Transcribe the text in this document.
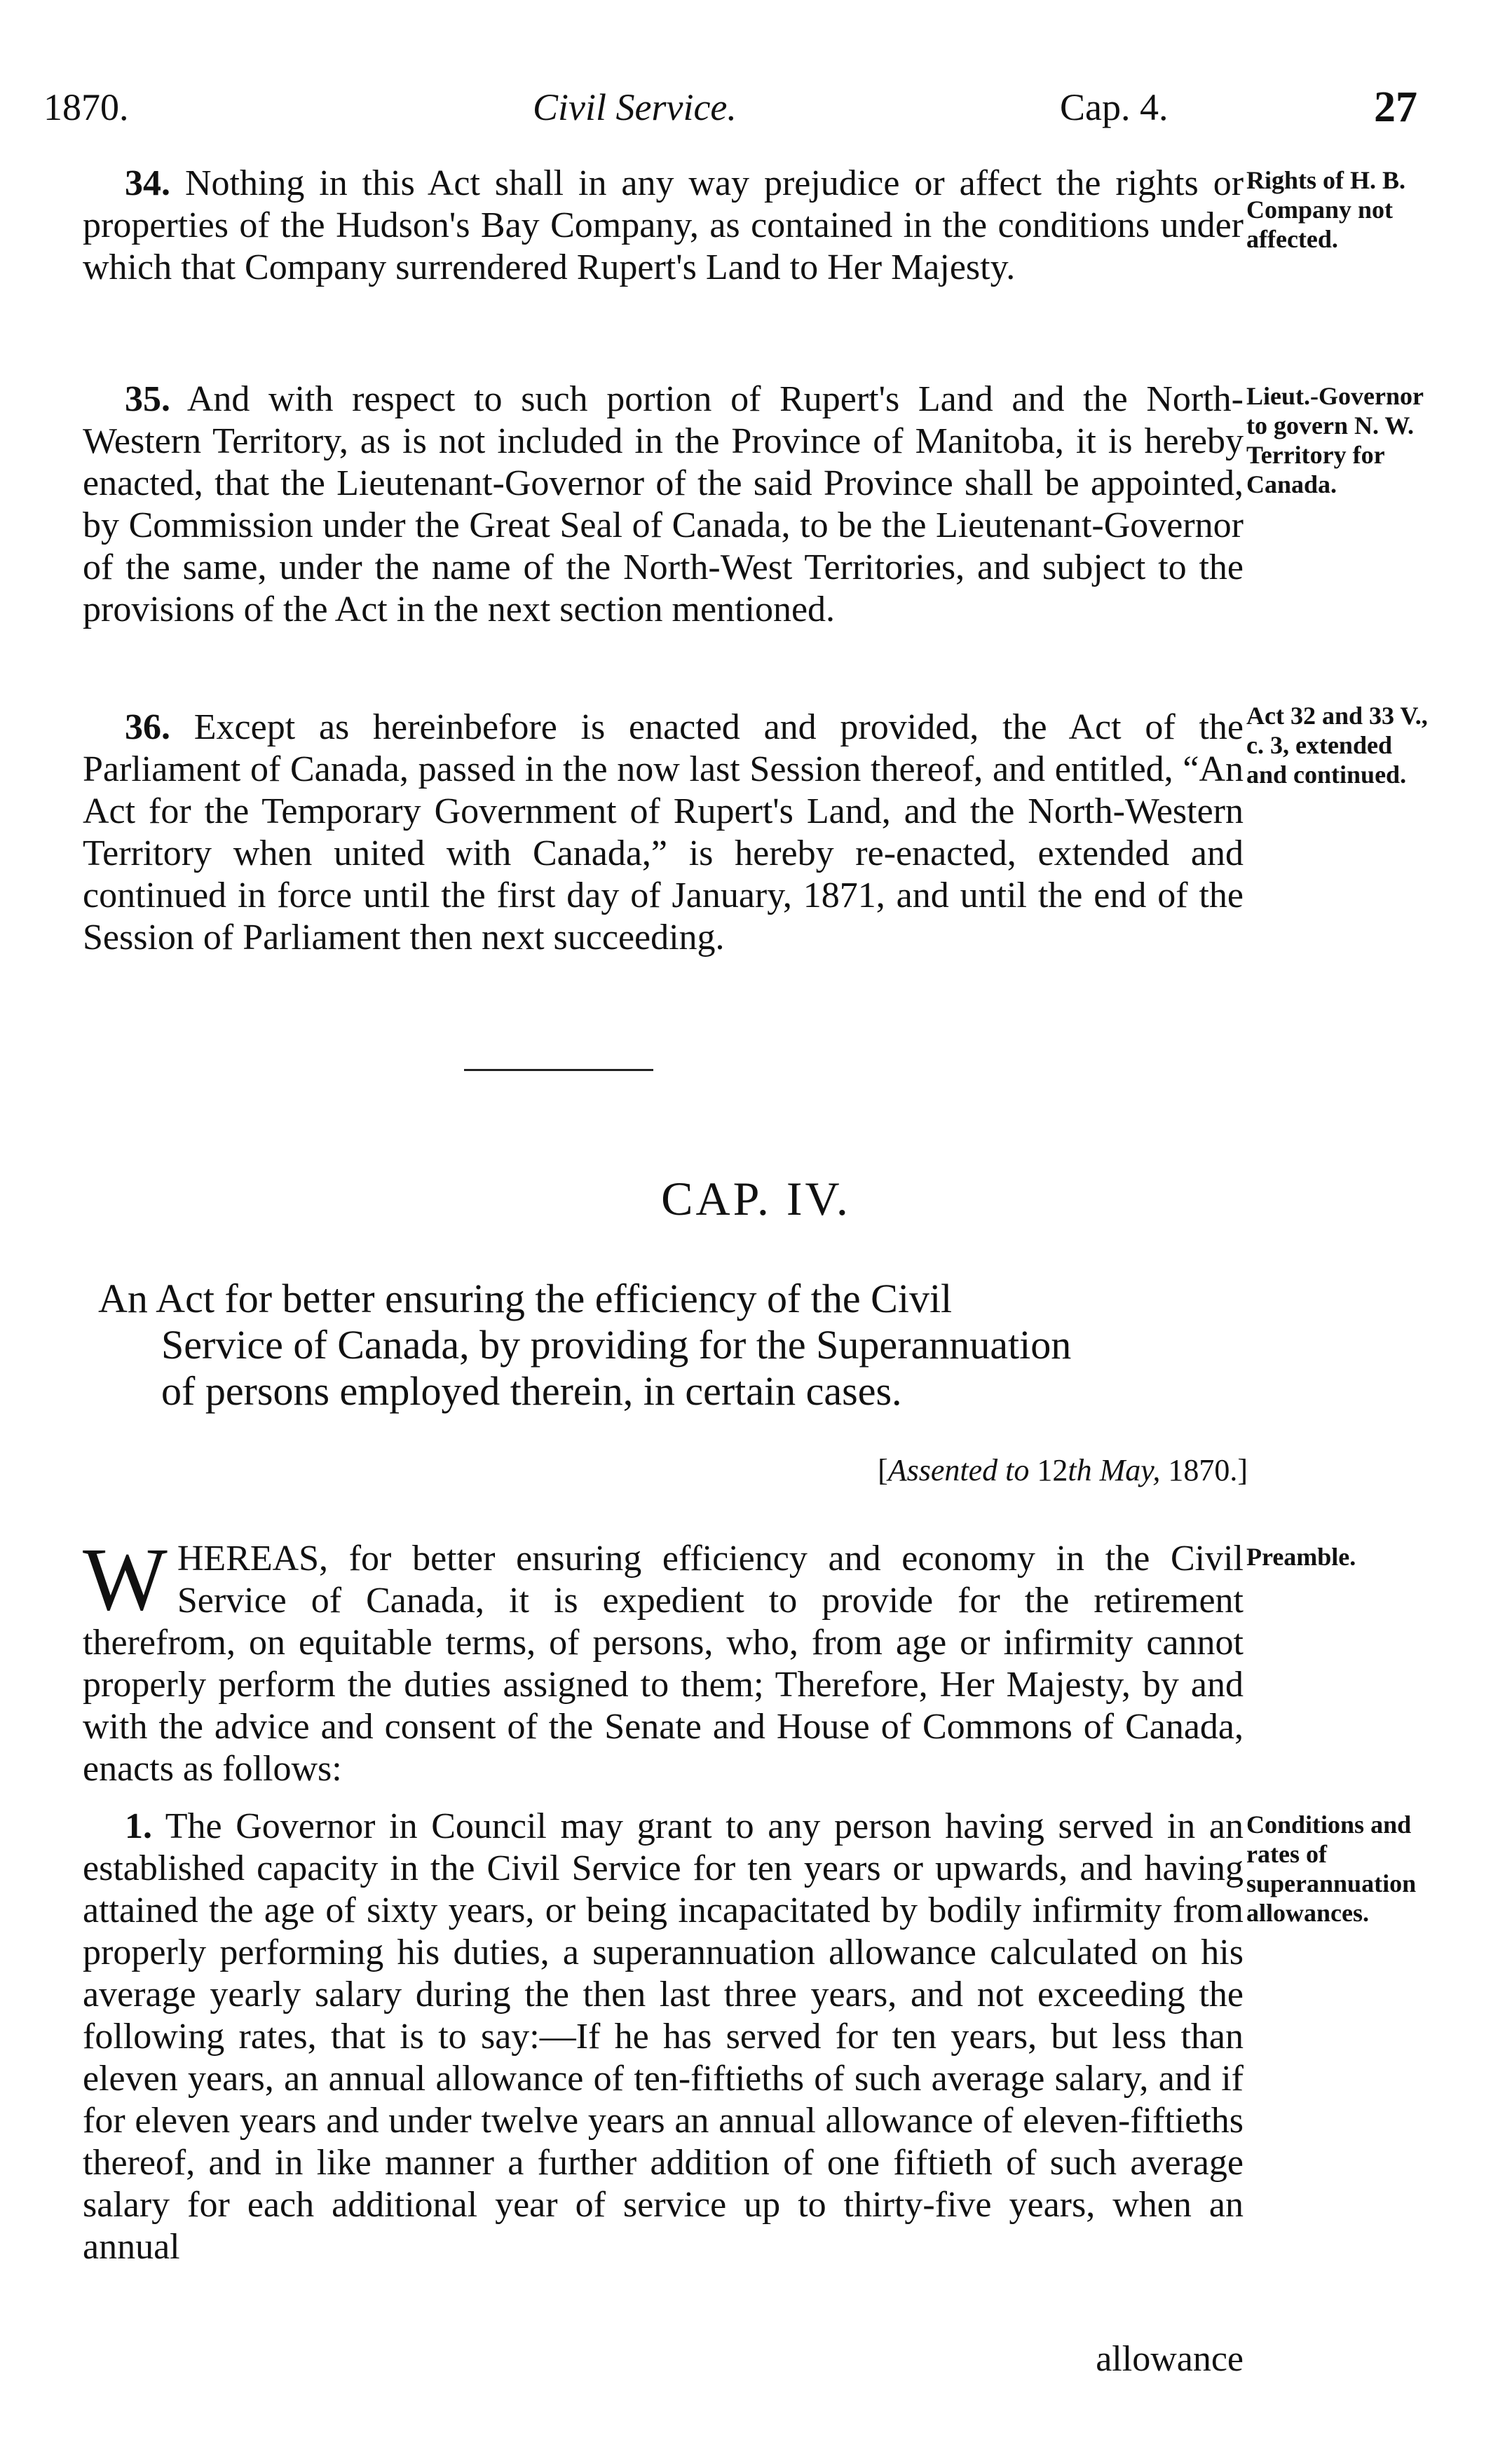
1870.	Civil Service.	Cap. 4.	27
34. Nothing in this Act shall in any way prejudice or affect the rights or properties of the Hudson's Bay Company, as contained in the conditions under which that Company surrendered Rupert's Land to Her Majesty.
Rights of H. B. Company not affected.
35. And with respect to such portion of Rupert's Land and the North-Western Territory, as is not included in the Province of Manitoba, it is hereby enacted, that the Lieutenant-Governor of the said Province shall be appointed, by Commission under the Great Seal of Canada, to be the Lieutenant-Governor of the same, under the name of the North-West Territories, and subject to the provisions of the Act in the next section mentioned.
Lieut.-Governor to govern N. W. Territory for Canada.
36. Except as hereinbefore is enacted and provided, the Act of the Parliament of Canada, passed in the now last Session thereof, and entitled, “An Act for the Temporary Government of Rupert's Land, and the North-Western Territory when united with Canada,” is hereby re-enacted, extended and continued in force until the first day of January, 1871, and until the end of the Session of Parliament then next succeeding.
Act 32 and 33 V., c. 3, extended and continued.
CAP. IV.
An Act for better ensuring the efficiency of the Civil
Service of Canada, by providing for the Superannuation
of persons employed therein, in certain cases.
[Assented to 12th May, 1870.]
W HEREAS, for better ensuring efficiency and economy in the Civil Service of Canada, it is expedient to provide for the retirement therefrom, on equitable terms, of persons, who, from age or infirmity cannot properly perform the duties assigned to them; Therefore, Her Majesty, by and with the advice and consent of the Senate and House of Commons of Canada, enacts as follows:
Preamble.
1. The Governor in Council may grant to any person having served in an established capacity in the Civil Service for ten years or upwards, and having attained the age of sixty years, or being incapacitated by bodily infirmity from properly performing his duties, a superannuation allowance calculated on his average yearly salary during the then last three years, and not exceeding the following rates, that is to say:—If he has served for ten years, but less than eleven years, an annual allowance of ten-fiftieths of such average salary, and if for eleven years and under twelve years an annual allowance of eleven-fiftieths thereof, and in like manner a further addition of one fiftieth of such average salary for each additional year of service up to thirty-five years, when an annual
Conditions and rates of superannuation allowances.
allowance
